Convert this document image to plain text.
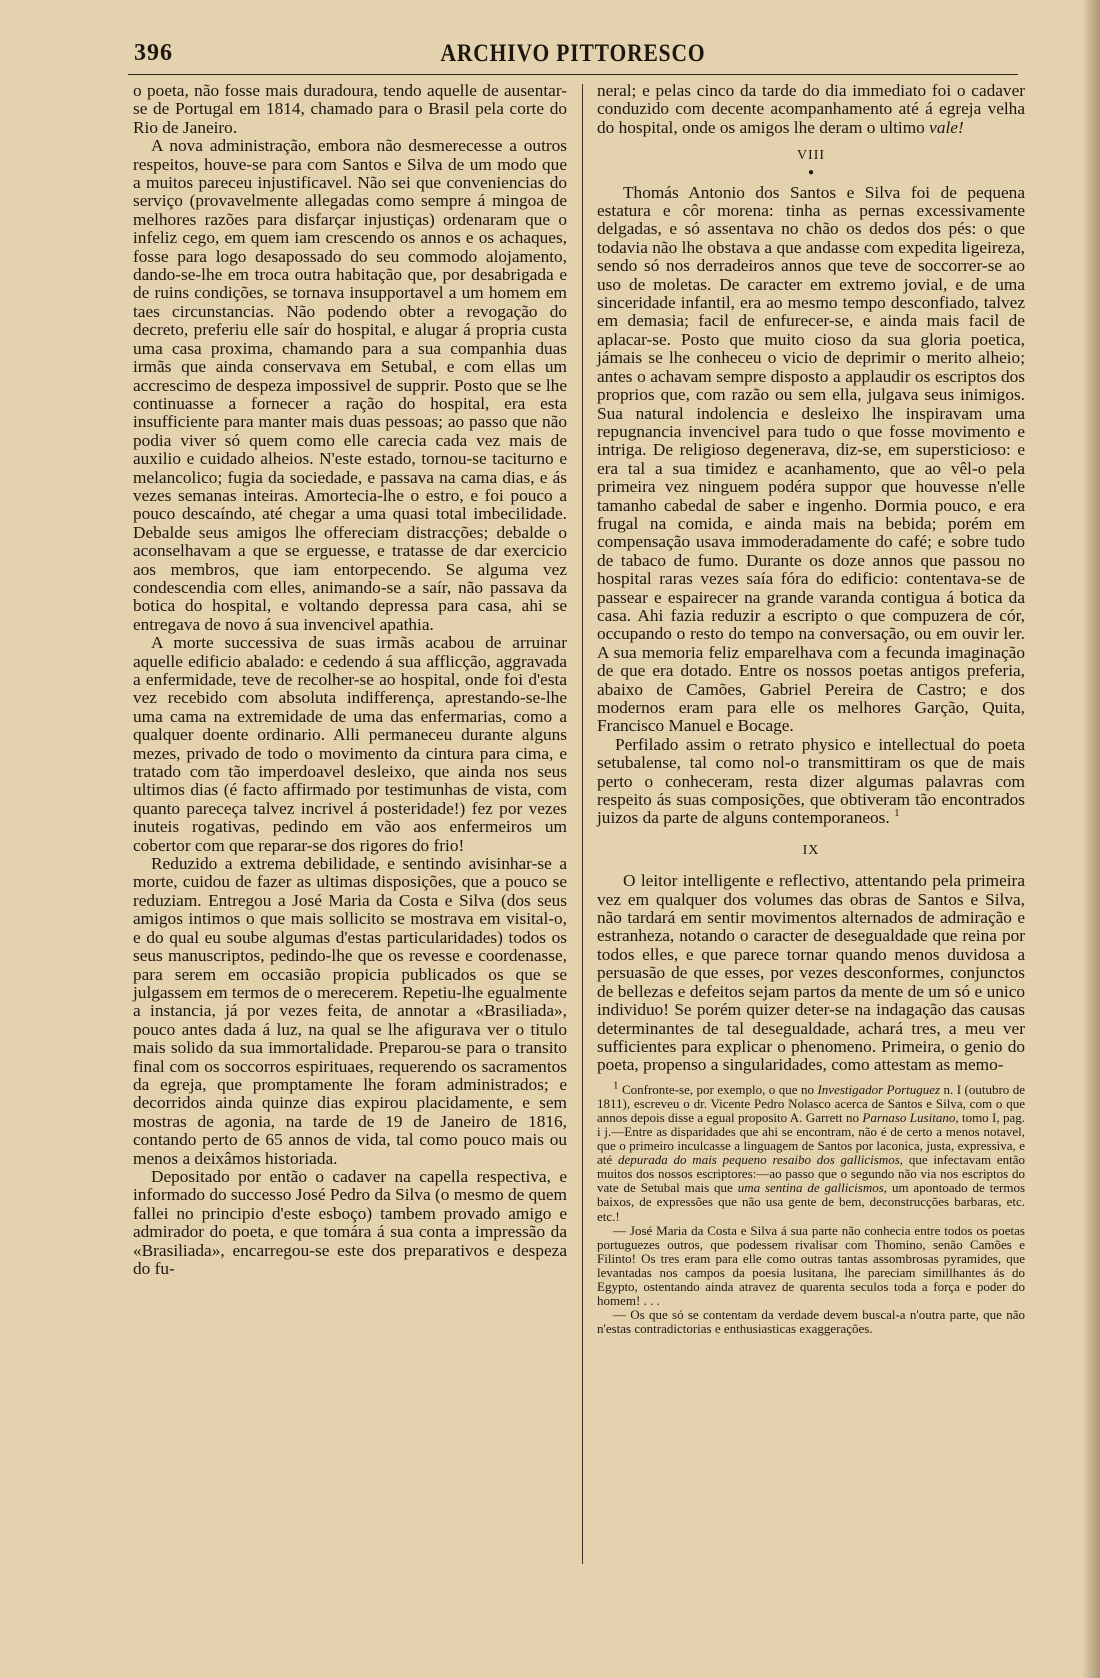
396	ARCHIVO PITTORESCO

o poeta, não fosse mais duradoura, tendo aquelle de ausentar-se de Portugal em 1814, chamado para o Brasil pela corte do Rio de Janeiro.

A nova administração, embora não desmerecesse a outros respeitos, houve-se para com Santos e Silva de um modo que a muitos pareceu injustificavel. Não sei que conveniencias do serviço (provavelmente allegadas como sempre á mingoa de melhores razões para disfarçar injustiças) ordenaram que o infeliz cego, em quem iam crescendo os annos e os achaques, fosse para logo desapossado do seu commodo alojamento, dando-se-lhe em troca outra habitação que, por desabrigada e de ruins condições, se tornava insupportavel a um homem em taes circunstancias. Não podendo obter a revogação do decreto, preferiu elle saír do hospital, e alugar á propria custa uma casa proxima, chamando para a sua companhia duas irmãs que ainda conservava em Setubal, e com ellas um accrescimo de despeza impossivel de supprir. Posto que se lhe continuasse a fornecer a ração do hospital, era esta insufficiente para manter mais duas pessoas; ao passo que não podia viver só quem como elle carecia cada vez mais de auxilio e cuidado alheios. N'este estado, tornou-se taciturno e melancolico; fugia da sociedade, e passava na cama dias, e ás vezes semanas inteiras. Amortecia-lhe o estro, e foi pouco a pouco descaíndo, até chegar a uma quasi total imbecilidade. Debalde seus amigos lhe offereciam distracções; debalde o aconselhavam a que se erguesse, e tratasse de dar exercicio aos membros, que iam entorpecendo. Se alguma vez condescendia com elles, animando-se a saír, não passava da botica do hospital, e voltando depressa para casa, ahi se entregava de novo á sua invencivel apathia.

A morte successiva de suas irmãs acabou de arruinar aquelle edificio abalado: e cedendo á sua afflicção, aggravada a enfermidade, teve de recolher-se ao hospital, onde foi d'esta vez recebido com absoluta indifferença, aprestando-se-lhe uma cama na extremidade de uma das enfermarias, como a qualquer doente ordinario. Alli permaneceu durante alguns mezes, privado de todo o movimento da cintura para cima, e tratado com tão imperdoavel desleixo, que ainda nos seus ultimos dias (é facto affirmado por testimunhas de vista, com quanto pareceça talvez incrivel á posteridade!) fez por vezes inuteis rogativas, pedindo em vão aos enfermeiros um cobertor com que reparar-se dos rigores do frio!

Reduzido a extrema debilidade, e sentindo avisinhar-se a morte, cuidou de fazer as ultimas disposições, que a pouco se reduziam. Entregou a José Maria da Costa e Silva (dos seus amigos intimos o que mais sollicito se mostrava em visital-o, e do qual eu soube algumas d'estas particularidades) todos os seus manuscriptos, pedindo-lhe que os revesse e coordenasse, para serem em occasião propicia publicados os que se julgassem em termos de o merecerem. Repetiu-lhe egualmente a instancia, já por vezes feita, de annotar a «Brasiliada», pouco antes dada á luz, na qual se lhe afigurava ver o titulo mais solido da sua immortalidade. Preparou-se para o transito final com os soccorros espirituaes, requerendo os sacramentos da egreja, que promptamente lhe foram administrados; e decorridos ainda quinze dias expirou placidamente, e sem mostras de agonia, na tarde de 19 de Janeiro de 1816, contando perto de 65 annos de vida, tal como pouco mais ou menos a deixâmos historiada.

Depositado por então o cadaver na capella respectiva, e informado do successo José Pedro da Silva (o mesmo de quem fallei no principio d'este esboço) tambem provado amigo e admirador do poeta, e que tomára á sua conta a impressão da «Brasiliada», encarregou-se este dos preparativos e despeza do fu-

neral; e pelas cinco da tarde do dia immediato foi o cadaver conduzido com decente acompanhamento até á egreja velha do hospital, onde os amigos lhe deram o ultimo vale!

VIII
●

Thomás Antonio dos Santos e Silva foi de pequena estatura e côr morena: tinha as pernas excessivamente delgadas, e só assentava no chão os dedos dos pés: o que todavia não lhe obstava a que andasse com expedita ligeireza, sendo só nos derradeiros annos que teve de soccorrer-se ao uso de moletas. De caracter em extremo jovial, e de uma sinceridade infantil, era ao mesmo tempo desconfiado, talvez em demasia; facil de enfurecer-se, e ainda mais facil de aplacar-se. Posto que muito cioso da sua gloria poetica, jámais se lhe conheceu o vicio de deprimir o merito alheio; antes o achavam sempre disposto a applaudir os escriptos dos proprios que, com razão ou sem ella, julgava seus inimigos. Sua natural indolencia e desleixo lhe inspiravam uma repugnancia invencivel para tudo o que fosse movimento e intriga. De religioso degenerava, diz-se, em supersticioso: e era tal a sua timidez e acanhamento, que ao vêl-o pela primeira vez ninguem podéra suppor que houvesse n'elle tamanho cabedal de saber e ingenho. Dormia pouco, e era frugal na comida, e ainda mais na bebida; porém em compensação usava immoderadamente do café; e sobre tudo de tabaco de fumo. Durante os doze annos que passou no hospital raras vezes saía fóra do edificio: contentava-se de passear e espairecer na grande varanda contigua á botica da casa. Ahi fazia reduzir a escripto o que compuzera de cór, occupando o resto do tempo na conversação, ou em ouvir ler. A sua memoria feliz emparelhava com a fecunda imaginação de que era dotado. Entre os nossos poetas antigos preferia, abaixo de Camões, Gabriel Pereira de Castro; e dos modernos eram para elle os melhores Garção, Quita, Francisco Manuel e Bocage.

Perfilado assim o retrato physico e intellectual do poeta setubalense, tal como nol-o transmittiram os que de mais perto o conheceram, resta dizer algumas palavras com respeito ás suas composições, que obtiveram tão encontrados juizos da parte de alguns contemporaneos. $^1$

IX

O leitor intelligente e reflectivo, attentando pela primeira vez em qualquer dos volumes das obras de Santos e Silva, não tardará em sentir movimentos alternados de admiração e estranheza, notando o caracter de desegualdade que reina por todos elles, e que parece tornar quando menos duvidosa a persuasão de que esses, por vezes desconformes, conjunctos de bellezas e defeitos sejam partos da mente de um só e unico individuo! Se porém quizer deter-se na indagação das causas determinantes de tal desegualdade, achará tres, a meu ver sufficientes para explicar o phenomeno. Primeira, o genio do poeta, propenso a singularidades, como attestam as memo-

$^1$ Confronte-se, por exemplo, o que no Investigador Portuguez n. I (outubro de 1811), escreveu o dr. Vicente Pedro Nolasco acerca de Santos e Silva, com o que annos depois disse a egual proposito A. Garrett no Parnaso Lusitano, tomo I, pag. i j.—Entre as disparidades que ahi se encontram, não é de certo a menos notavel, que o primeiro inculcasse a linguagem de Santos por laconica, justa, expressiva, e até depurada do mais pequeno resaibo dos gallicismos, que infectavam então muitos dos nossos escriptores:—ao passo que o segundo não via nos escriptos do vate de Setubal mais que uma sentina de gallicismos, um apontoado de termos baixos, de expressões que não usa gente de bem, deconstrucções barbaras, etc. etc.!

— José Maria da Costa e Silva á sua parte não conhecia entre todos os poetas portuguezes outros, que podessem rivalisar com Thomino, senão Camões e Filinto! Os tres eram para elle como outras tantas assombrosas pyramides, que levantadas nos campos da poesia lusitana, lhe pareciam simillhantes ás do Egypto, ostentando ainda atravez de quarenta seculos toda a força e poder do homem! . . .

— Os que só se contentam da verdade devem buscal-a n'outra parte, que não n'estas contradictorias e enthusiasticas exaggerações.
